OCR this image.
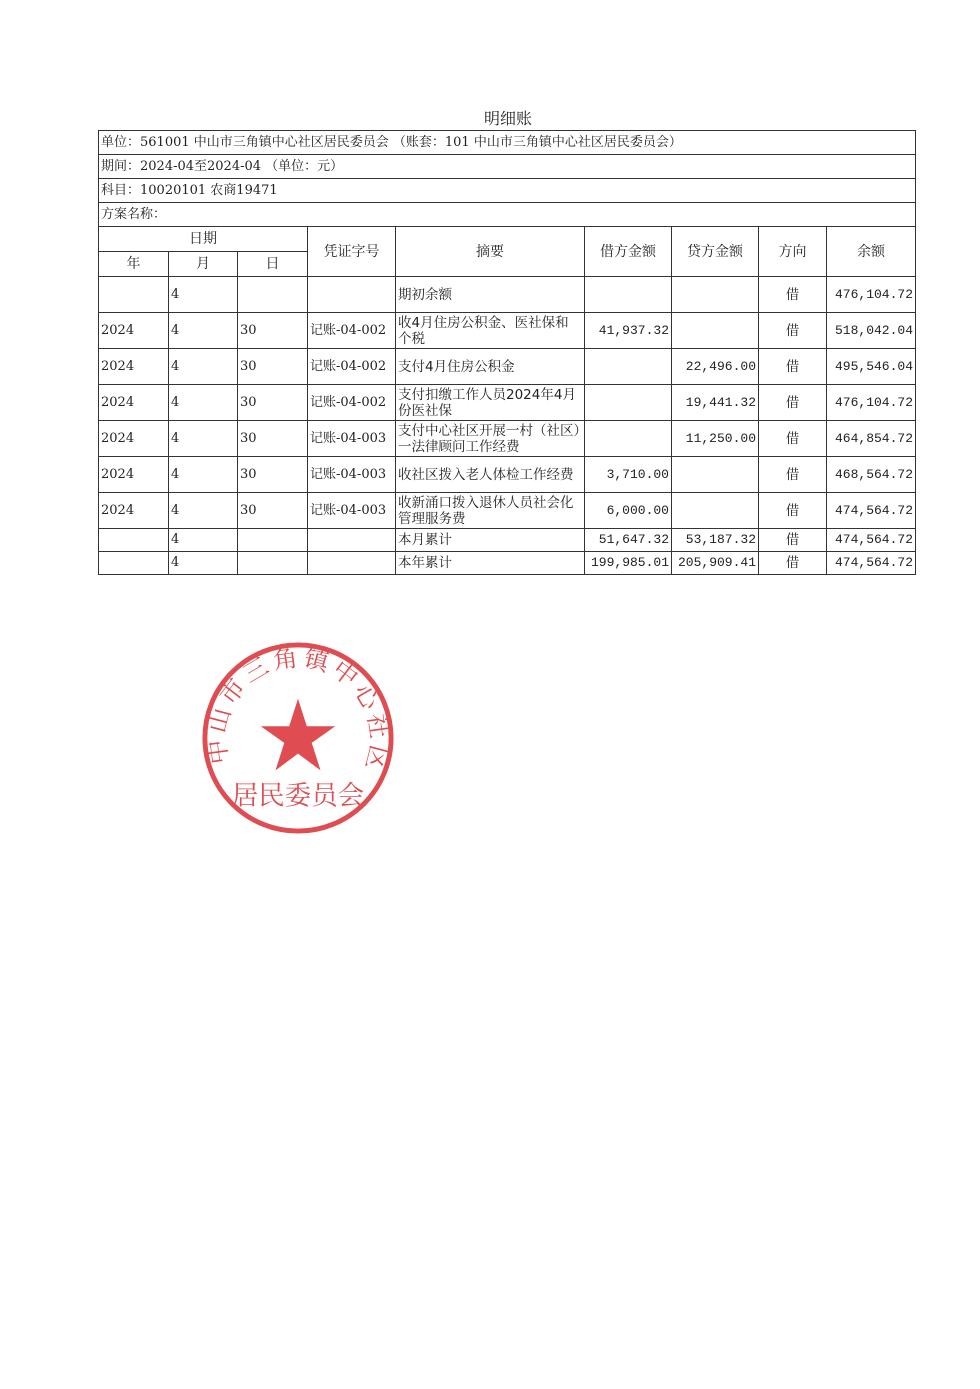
明细账
单位：561001 中山市三角镇中心社区居民委员会 （账套：101 中山市三角镇中心社区居民委员会）								
期间：2024-04至2024-04 （单位：元）								
科目：10020101 农商19471								
方案名称：								
日期			凭证字号	摘要	借方金额	贷方金额	方向	余额
年	月	日						
	4			期初余额			借	476,104.72
2024	4	30	记账-04-002	收4月住房公积金、医社保和个税	41,937.32		借	518,042.04
2024	4	30	记账-04-002	支付4月住房公积金		22,496.00	借	495,546.04
2024	4	30	记账-04-002	支付扣缴工作人员2024年4月份医社保		19,441.32	借	476,104.72
2024	4	30	记账-04-003	支付中心社区开展一村（社区）一法律顾问工作经费		11,250.00	借	464,854.72
2024	4	30	记账-04-003	收社区拨入老人体检工作经费	3,710.00		借	468,564.72
2024	4	30	记账-04-003	收新涌口拨入退休人员社会化管理服务费	6,000.00		借	474,564.72
	4			本月累计	51,647.32	53,187.32	借	474,564.72
	4			本年累计	199,985.01	205,909.41	借	474,564.72
中山市三角镇中心社区
居民委员会
